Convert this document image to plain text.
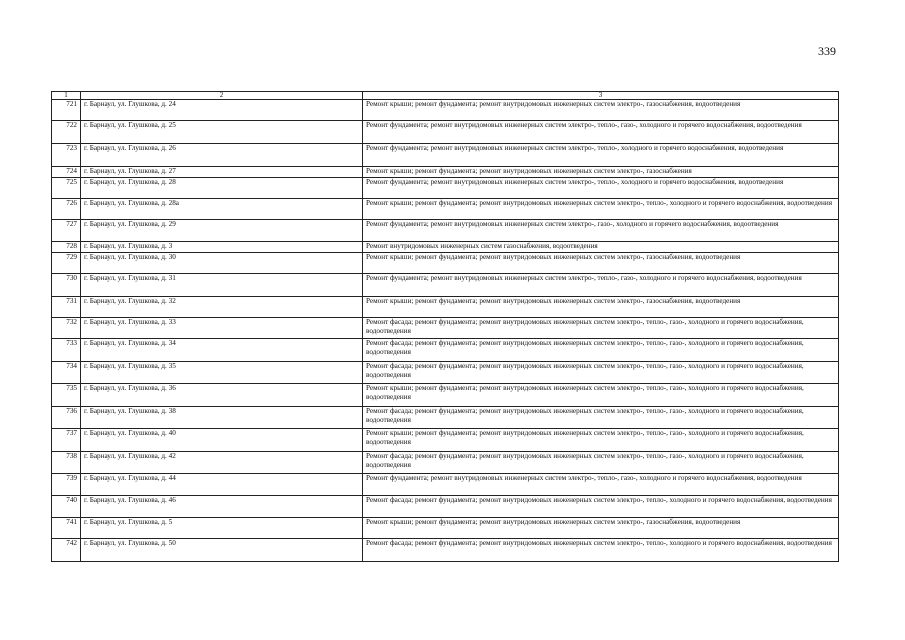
339
1	2	3
721	г. Барнаул, ул. Глушкова, д. 24	Ремонт крыши; ремонт фундамента; ремонт внутридомовых инженерных систем электро-, газоснабжения, водоотведения
722	г. Барнаул, ул. Глушкова, д. 25	Ремонт фундамента; ремонт внутридомовых инженерных систем электро-, тепло-, газо-, холодного и горячего водоснабжения, водоотведения
723	г. Барнаул, ул. Глушкова, д. 26	Ремонт фундамента; ремонт внутридомовых инженерных систем электро-, тепло-, холодного и горячего водоснабжения, водоотведения
724	г. Барнаул, ул. Глушкова, д. 27	Ремонт крыши; ремонт фундамента; ремонт внутридомовых инженерных систем электро-, газоснабжения
725	г. Барнаул, ул. Глушкова, д. 28	Ремонт фундамента; ремонт внутридомовых инженерных систем электро-, тепло-, холодного и горячего водоснабжения, водоотведения
726	г. Барнаул, ул. Глушкова, д. 28а	Ремонт крыши; ремонт фундамента; ремонт внутридомовых инженерных систем электро-, тепло-, холодного и горячего водоснабжения, водоотведения
727	г. Барнаул, ул. Глушкова, д. 29	Ремонт фундамента; ремонт внутридомовых инженерных систем электро-, газо-, холодного и горячего водоснабжения, водоотведения
728	г. Барнаул, ул. Глушкова, д. 3	Ремонт внутридомовых инженерных систем газоснабжения, водоотведения
729	г. Барнаул, ул. Глушкова, д. 30	Ремонт крыши; ремонт фундамента; ремонт внутридомовых инженерных систем электро-, газоснабжения, водоотведения
730	г. Барнаул, ул. Глушкова, д. 31	Ремонт фундамента; ремонт внутридомовых инженерных систем электро-, тепло-, газо-, холодного и горячего водоснабжения, водоотведения
731	г. Барнаул, ул. Глушкова, д. 32	Ремонт крыши; ремонт фундамента; ремонт внутридомовых инженерных систем электро-, газоснабжения, водоотведения
732	г. Барнаул, ул. Глушкова, д. 33	Ремонт фасада; ремонт фундамента; ремонт внутридомовых инженерных систем электро-, тепло-, газо-, холодного и горячего водоснабжения, водоотведения
733	г. Барнаул, ул. Глушкова, д. 34	Ремонт фасада; ремонт фундамента; ремонт внутридомовых инженерных систем электро-, тепло-, газо-, холодного и горячего водоснабжения, водоотведения
734	г. Барнаул, ул. Глушкова, д. 35	Ремонт фасада; ремонт фундамента; ремонт внутридомовых инженерных систем электро-, тепло-, газо-, холодного и горячего водоснабжения, водоотведения
735	г. Барнаул, ул. Глушкова, д. 36	Ремонт крыши; ремонт фундамента; ремонт внутридомовых инженерных систем электро-, тепло-, газо-, холодного и горячего водоснабжения, водоотведения
736	г. Барнаул, ул. Глушкова, д. 38	Ремонт фасада; ремонт фундамента; ремонт внутридомовых инженерных систем электро-, тепло-, газо-, холодного и горячего водоснабжения, водоотведения
737	г. Барнаул, ул. Глушкова, д. 40	Ремонт крыши; ремонт фундамента; ремонт внутридомовых инженерных систем электро-, тепло-, газо-, холодного и горячего водоснабжения, водоотведения
738	г. Барнаул, ул. Глушкова, д. 42	Ремонт фасада; ремонт фундамента; ремонт внутридомовых инженерных систем электро-, тепло-, газо-, холодного и горячего водоснабжения, водоотведения
739	г. Барнаул, ул. Глушкова, д. 44	Ремонт фундамента; ремонт внутридомовых инженерных систем электро-, тепло-, газо-, холодного и горячего водоснабжения, водоотведения
740	г. Барнаул, ул. Глушкова, д. 46	Ремонт фасада; ремонт фундамента; ремонт внутридомовых инженерных систем электро-, тепло-, холодного и горячего водоснабжения, водоотведения
741	г. Барнаул, ул. Глушкова, д. 5	Ремонт крыши; ремонт фундамента; ремонт внутридомовых инженерных систем электро-, газоснабжения, водоотведения
742	г. Барнаул, ул. Глушкова, д. 50	Ремонт фасада; ремонт фундамента; ремонт внутридомовых инженерных систем электро-, тепло-, холодного и горячего водоснабжения, водоотведения
